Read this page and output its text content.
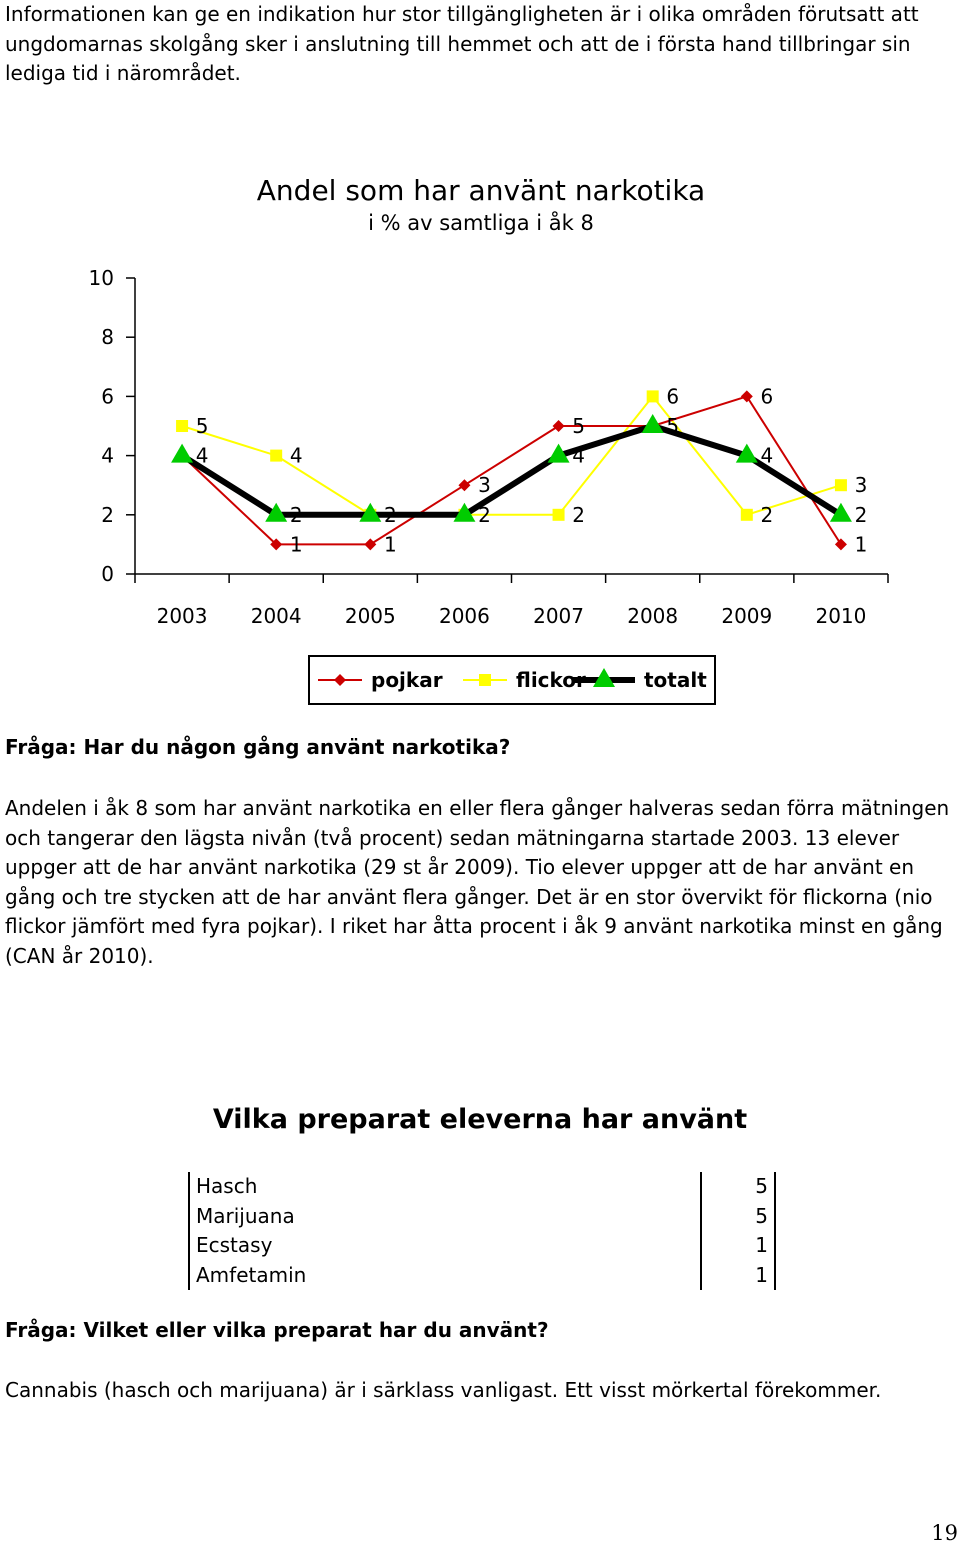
Informationen kan ge en indikation hur stor tillgängligheten är i olika områden förutsatt att ungdomarnas skolgång sker i anslutning till hemmet och att de i första hand tillbringar sin lediga tid i närområdet.

Andel som har använt narkotika
i % av samtliga i åk 8
0
2
4
6
8
10
2003 2004 2005 2006 2007 2008 2009 2010
5
4	4
2
1
2
1
3
2
5
4
2
6
5
6
4
2
3
2
1
pojkar	flickor	totalt

Fråga: Har du någon gång använt narkotika?

Andelen i åk 8 som har använt narkotika en eller flera gånger halveras sedan förra mätningen och tangerar den lägsta nivån (två procent) sedan mätningarna startade 2003. 13 elever uppger att de har använt narkotika (29 st år 2009). Tio elever uppger att de har använt en gång och tre stycken att de har använt flera gånger. Det är en stor övervikt för flickorna (nio flickor jämfört med fyra pojkar). I riket har åtta procent i åk 9 använt narkotika minst en gång (CAN år 2010).

Vilka preparat eleverna har använt

Hasch	5
Marijuana	5
Ecstasy	1
Amfetamin	1

Fråga: Vilket eller vilka preparat har du använt?

Cannabis (hasch och marijuana) är i särklass vanligast. Ett visst mörkertal förekommer.

19
